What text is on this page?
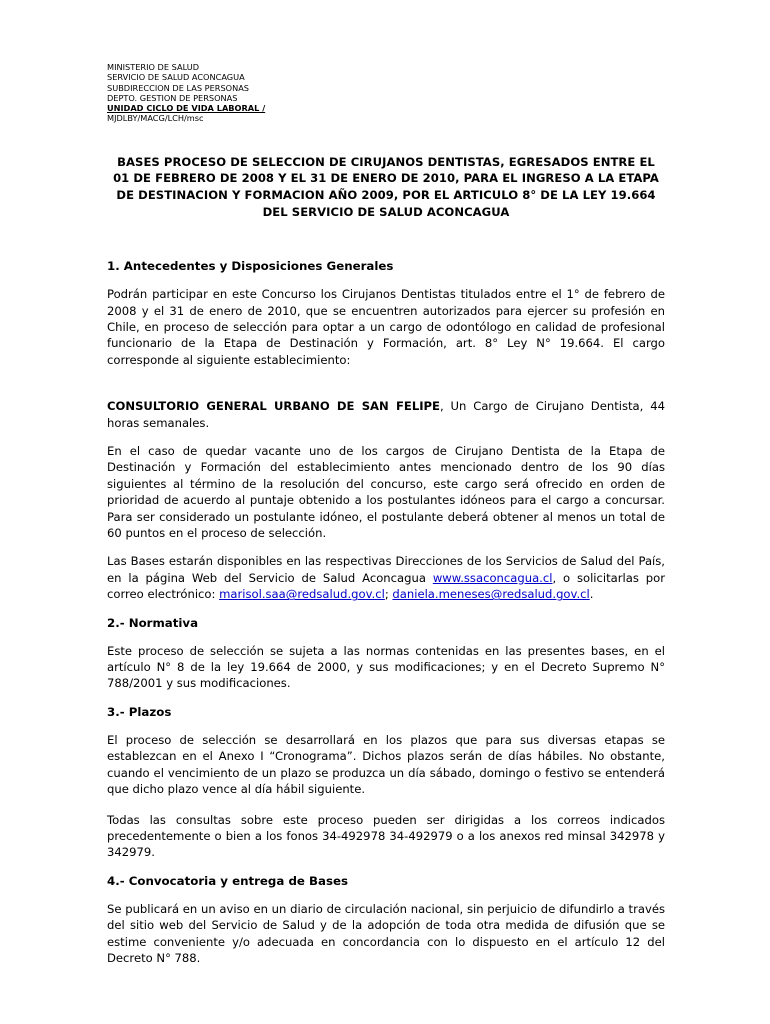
MINISTERIO DE SALUD
SERVICIO DE SALUD ACONCAGUA
SUBDIRECCION DE LAS PERSONAS
DEPTO. GESTION DE PERSONAS
UNIDAD CICLO DE VIDA LABORAL /
MJDLBY/MACG/LCH/msc
BASES PROCESO DE SELECCION DE CIRUJANOS DENTISTAS, EGRESADOS ENTRE EL 01 DE FEBRERO DE 2008 Y EL 31 DE ENERO DE 2010, PARA EL INGRESO A LA ETAPA DE DESTINACION Y FORMACION AÑO 2009, POR EL ARTICULO 8° DE LA LEY 19.664 DEL SERVICIO DE SALUD ACONCAGUA

1. Antecedentes y Disposiciones Generales

Podrán participar en este Concurso los Cirujanos Dentistas titulados entre el 1° de febrero de 2008 y el 31 de enero de 2010, que se encuentren autorizados para ejercer su profesión en Chile, en proceso de selección para optar a un cargo de odontólogo en calidad de profesional funcionario de la Etapa de Destinación y Formación, art. 8° Ley N° 19.664. El cargo corresponde al siguiente establecimiento:

CONSULTORIO GENERAL URBANO DE SAN FELIPE, Un Cargo de Cirujano Dentista, 44 horas semanales.

En el caso de quedar vacante uno de los cargos de Cirujano Dentista de la Etapa de Destinación y Formación del establecimiento antes mencionado dentro de los 90 días siguientes al término de la resolución del concurso, este cargo será ofrecido en orden de prioridad de acuerdo al puntaje obtenido a los postulantes idóneos para el cargo a concursar. Para ser considerado un postulante idóneo, el postulante deberá obtener al menos un total de 60 puntos en el proceso de selección.

Las Bases estarán disponibles en las respectivas Direcciones de los Servicios de Salud del País, en la página Web del Servicio de Salud Aconcagua www.ssaconcagua.cl, o solicitarlas por correo electrónico: marisol.saa@redsalud.gov.cl; daniela.meneses@redsalud.gov.cl.

2.- Normativa

Este proceso de selección se sujeta a las normas contenidas en las presentes bases, en el artículo N° 8 de la ley 19.664 de 2000, y sus modificaciones; y en el Decreto Supremo N° 788/2001 y sus modificaciones.

3.- Plazos

El proceso de selección se desarrollará en los plazos que para sus diversas etapas se establezcan en el Anexo I “Cronograma”. Dichos plazos serán de días hábiles. No obstante, cuando el vencimiento de un plazo se produzca un día sábado, domingo o festivo se entenderá que dicho plazo vence al día hábil siguiente.

Todas las consultas sobre este proceso pueden ser dirigidas a los correos indicados precedentemente o bien a los fonos 34-492978 34-492979 o a los anexos red minsal 342978 y 342979.

4.- Convocatoria y entrega de Bases

Se publicará en un aviso en un diario de circulación nacional, sin perjuicio de difundirlo a través del sitio web del Servicio de Salud y de la adopción de toda otra medida de difusión que se estime conveniente y/o adecuada en concordancia con lo dispuesto en el artículo 12 del Decreto N° 788.
